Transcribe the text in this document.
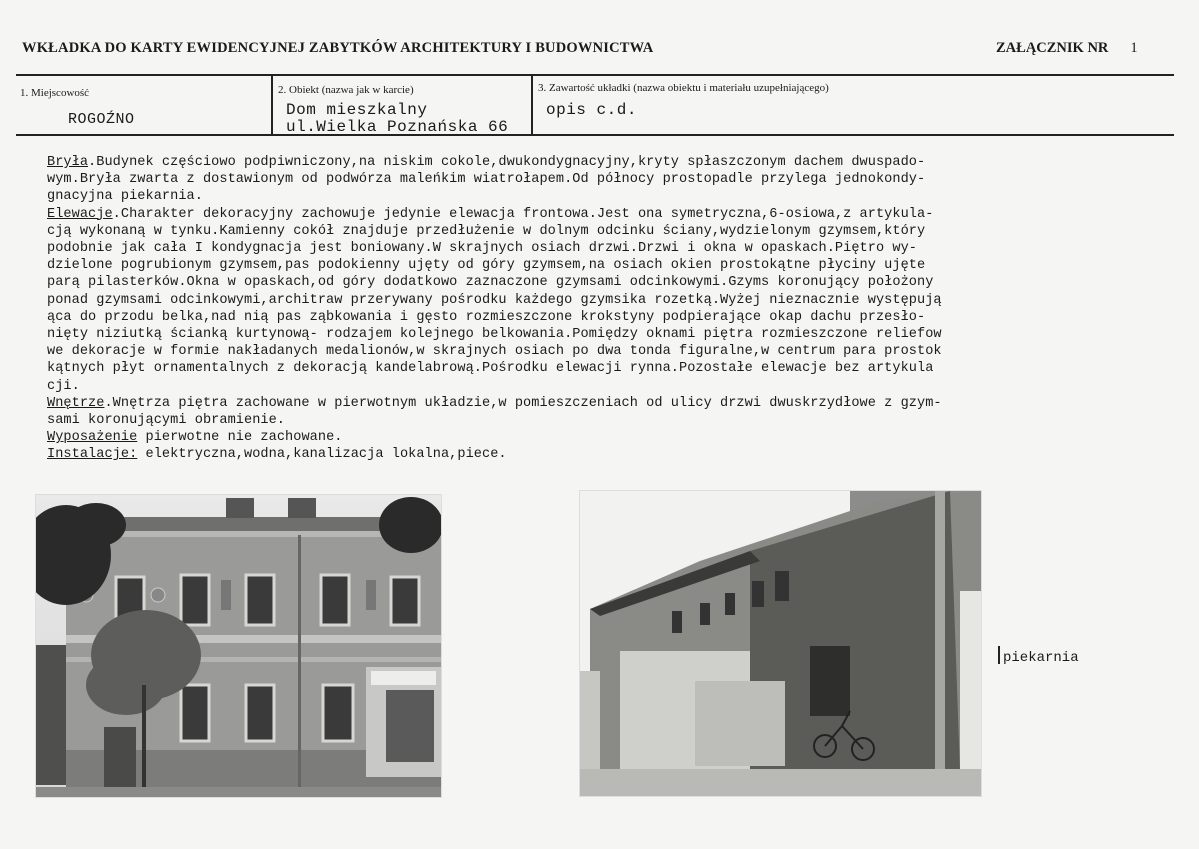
WKŁADKA DO KARTY EWIDENCYJNEJ ZABYTKÓW ARCHITEKTURY I BUDOWNICTWA	ZAŁĄCZNIK NR 1
1. Miejscowość
ROGOŹNO
2. Obiekt (nazwa jak w karcie)
Dom mieszkalny
ul.Wielka Poznańska 66
3. Zawartość układki (nazwa obiektu i materiału uzupełniającego)
opis c.d.
Bryła.Budynek częściowo podpiwniczony,na niskim cokole,dwukondygnacyjny,kryty spłaszczonym dachem dwuspado-
wym.Bryła zwarta z dostawionym od podwórza maleńkim wiatrołapem.Od północy prostopadle przylega jednokondy-
gnacyjna piekarnia.
Elewacje.Charakter dekoracyjny zachowuje jedynie elewacja frontowa.Jest ona symetryczna,6-osiowa,z artykula-
cją wykonaną w tynku.Kamienny cokół znajduje przedłużenie w dolnym odcinku ściany,wydzielonym gzymsem,który
podobnie jak cała I kondygnacja jest boniowany.W skrajnych osiach drzwi.Drzwi i okna w opaskach.Piętro wy-
dzielone pogrubionym gzymsem,pas podokienny ujęty od góry gzymsem,na osiach okien prostokątne płyciny ujęte
parą pilasterków.Okna w opaskach,od góry dodatkowo zaznaczone gzymsami odcinkowymi.Gzyms koronujący położony
ponad gzymsami odcinkowymi,architraw przerywany pośrodku każdego gzymsika rozetką.Wyżej nieznacznie występują
ąca do przodu belka,nad nią pas ząbkowania i gęsto rozmieszczone krokstyny podpierające okap dachu przesło-
nięty niziutką ścianką kurtynową- rodzajem kolejnego belkowania.Pomiędzy oknami piętra rozmieszczone reliefow
we dekoracje w formie nakładanych medalionów,w skrajnych osiach po dwa tonda figuralne,w centrum para prostok
kątnych płyt ornamentalnych z dekoracją kandelabrową.Pośrodku elewacji rynna.Pozostałe elewacje bez artykula
cji.
Wnętrze.Wnętrza piętra zachowane w pierwotnym układzie,w pomieszczeniach od ulicy drzwi dwuskrzydłowe z gzym-
sami koronującymi obramienie.
Wyposażenie pierwotne nie zachowane.
Instalacje: elektryczna,wodna,kanalizacja lokalna,piece.
piekarnia
